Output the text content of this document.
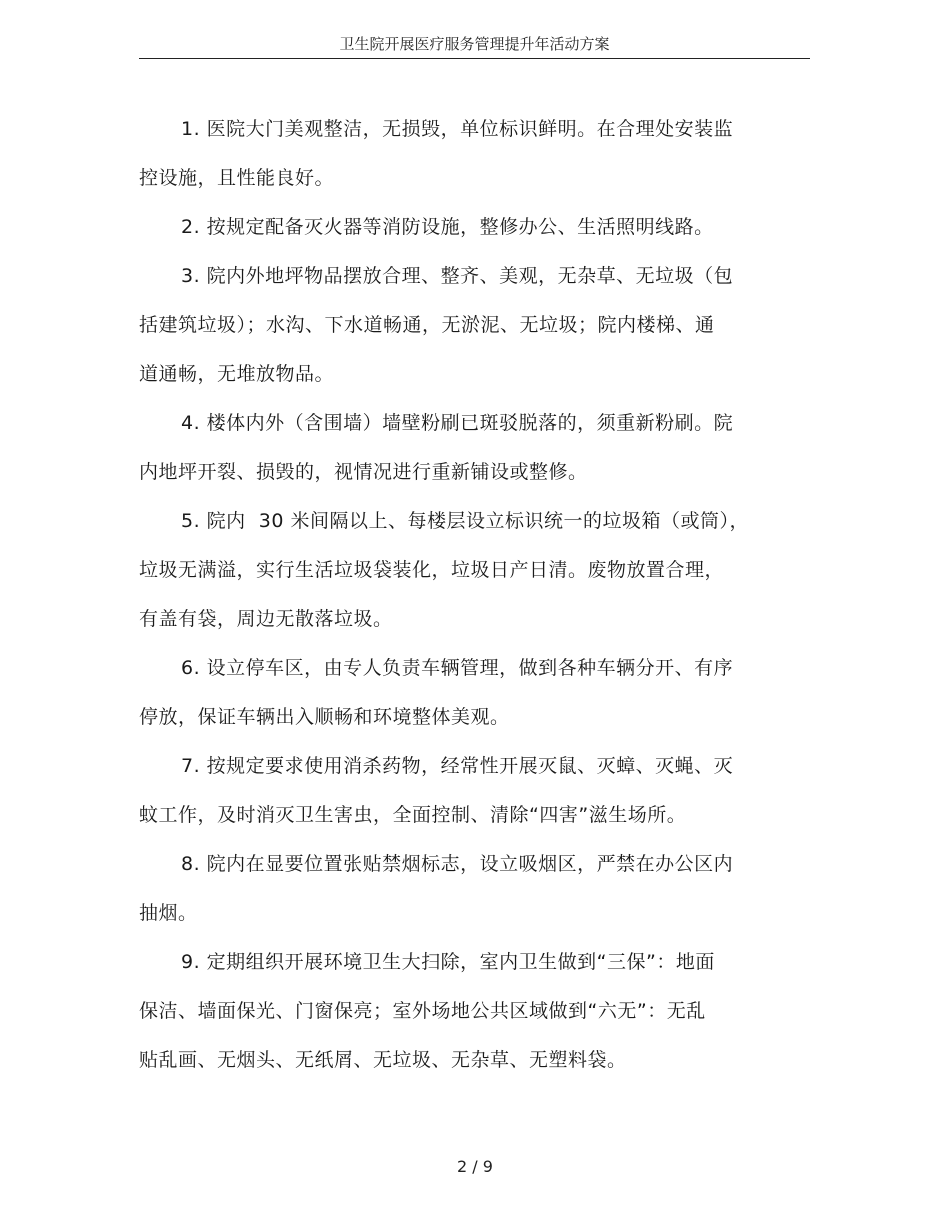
卫生院开展医疗服务管理提升年活动方案
1. 医院大门美观整洁，无损毁，单位标识鲜明。在合理处安装监
控设施，且性能良好。
2. 按规定配备灭火器等消防设施，整修办公、生活照明线路。
3. 院内外地坪物品摆放合理、整齐、美观，无杂草、无垃圾（包
括建筑垃圾）；水沟、下水道畅通，无淤泥、无垃圾；院内楼梯、通
道通畅，无堆放物品。
4. 楼体内外（含围墙）墙壁粉刷已斑驳脱落的，须重新粉刷。院
内地坪开裂、损毁的，视情况进行重新铺设或整修。
5. 院内  30 米间隔以上、每楼层设立标识统一的垃圾箱（或筒），
垃圾无满溢，实行生活垃圾袋装化，垃圾日产日清。废物放置合理，
有盖有袋，周边无散落垃圾。
6. 设立停车区，由专人负责车辆管理，做到各种车辆分开、有序
停放，保证车辆出入顺畅和环境整体美观。
7. 按规定要求使用消杀药物，经常性开展灭鼠、灭蟑、灭蝇、灭
蚊工作，及时消灭卫生害虫，全面控制、清除“四害”滋生场所。
8. 院内在显要位置张贴禁烟标志，设立吸烟区，严禁在办公区内
抽烟。
9. 定期组织开展环境卫生大扫除，室内卫生做到“三保”：地面
保洁、墙面保光、门窗保亮；室外场地公共区域做到“六无”：无乱
贴乱画、无烟头、无纸屑、无垃圾、无杂草、无塑料袋。
2 / 9
